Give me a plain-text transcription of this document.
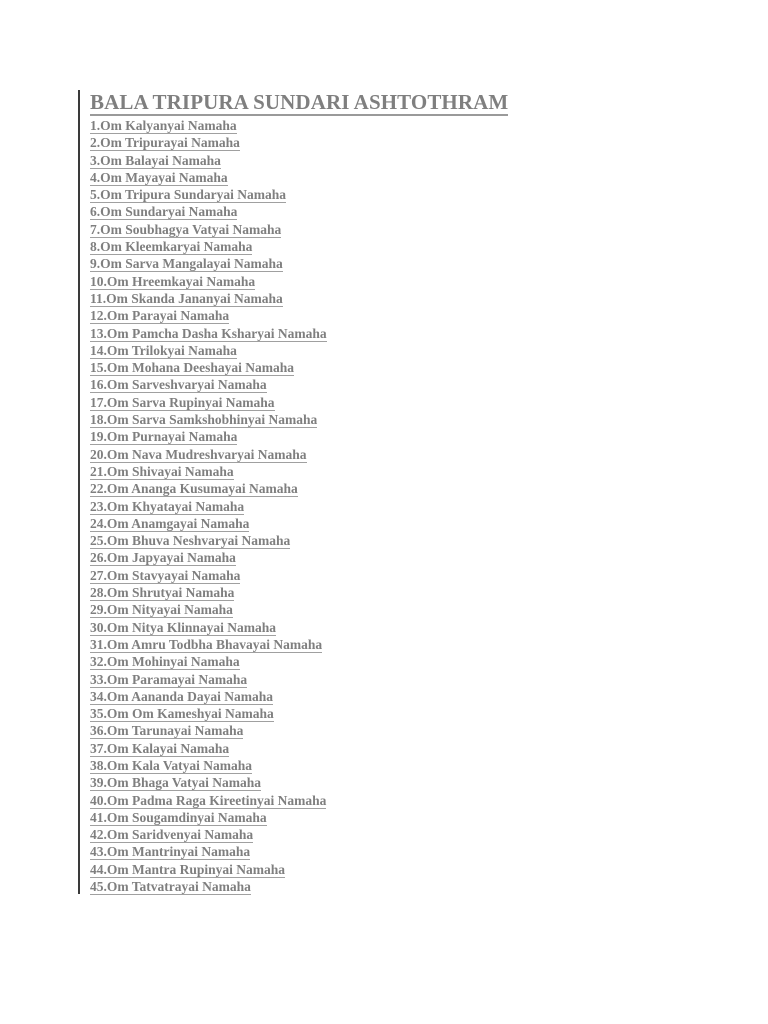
BALA TRIPURA SUNDARI ASHTOTHRAM
1.Om Kalyanyai Namaha
2.Om Tripurayai Namaha
3.Om Balayai Namaha
4.Om Mayayai Namaha
5.Om Tripura Sundaryai Namaha
6.Om Sundaryai Namaha
7.Om Soubhagya Vatyai Namaha
8.Om Kleemkaryai Namaha
9.Om Sarva Mangalayai Namaha
10.Om Hreemkayai Namaha
11.Om Skanda Jananyai Namaha
12.Om Parayai Namaha
13.Om Pamcha Dasha Ksharyai Namaha
14.Om Trilokyai Namaha
15.Om Mohana Deeshayai Namaha
16.Om Sarveshvaryai Namaha
17.Om Sarva Rupinyai Namaha
18.Om Sarva Samkshobhinyai Namaha
19.Om Purnayai Namaha
20.Om Nava Mudreshvaryai Namaha
21.Om Shivayai Namaha
22.Om Ananga Kusumayai Namaha
23.Om Khyatayai Namaha
24.Om Anamgayai Namaha
25.Om Bhuva Neshvaryai Namaha
26.Om Japyayai Namaha
27.Om Stavyayai Namaha
28.Om Shrutyai Namaha
29.Om Nityayai Namaha
30.Om Nitya Klinnayai Namaha
31.Om Amru Todbha Bhavayai Namaha
32.Om Mohinyai Namaha
33.Om Paramayai Namaha
34.Om Aananda Dayai Namaha
35.Om Om Kameshyai Namaha
36.Om Tarunayai Namaha
37.Om Kalayai Namaha
38.Om Kala Vatyai Namaha
39.Om Bhaga Vatyai Namaha
40.Om Padma Raga Kireetinyai Namaha
41.Om Sougamdinyai Namaha
42.Om Saridvenyai Namaha
43.Om Mantrinyai Namaha
44.Om Mantra Rupinyai Namaha
45.Om Tatvatrayai Namaha
